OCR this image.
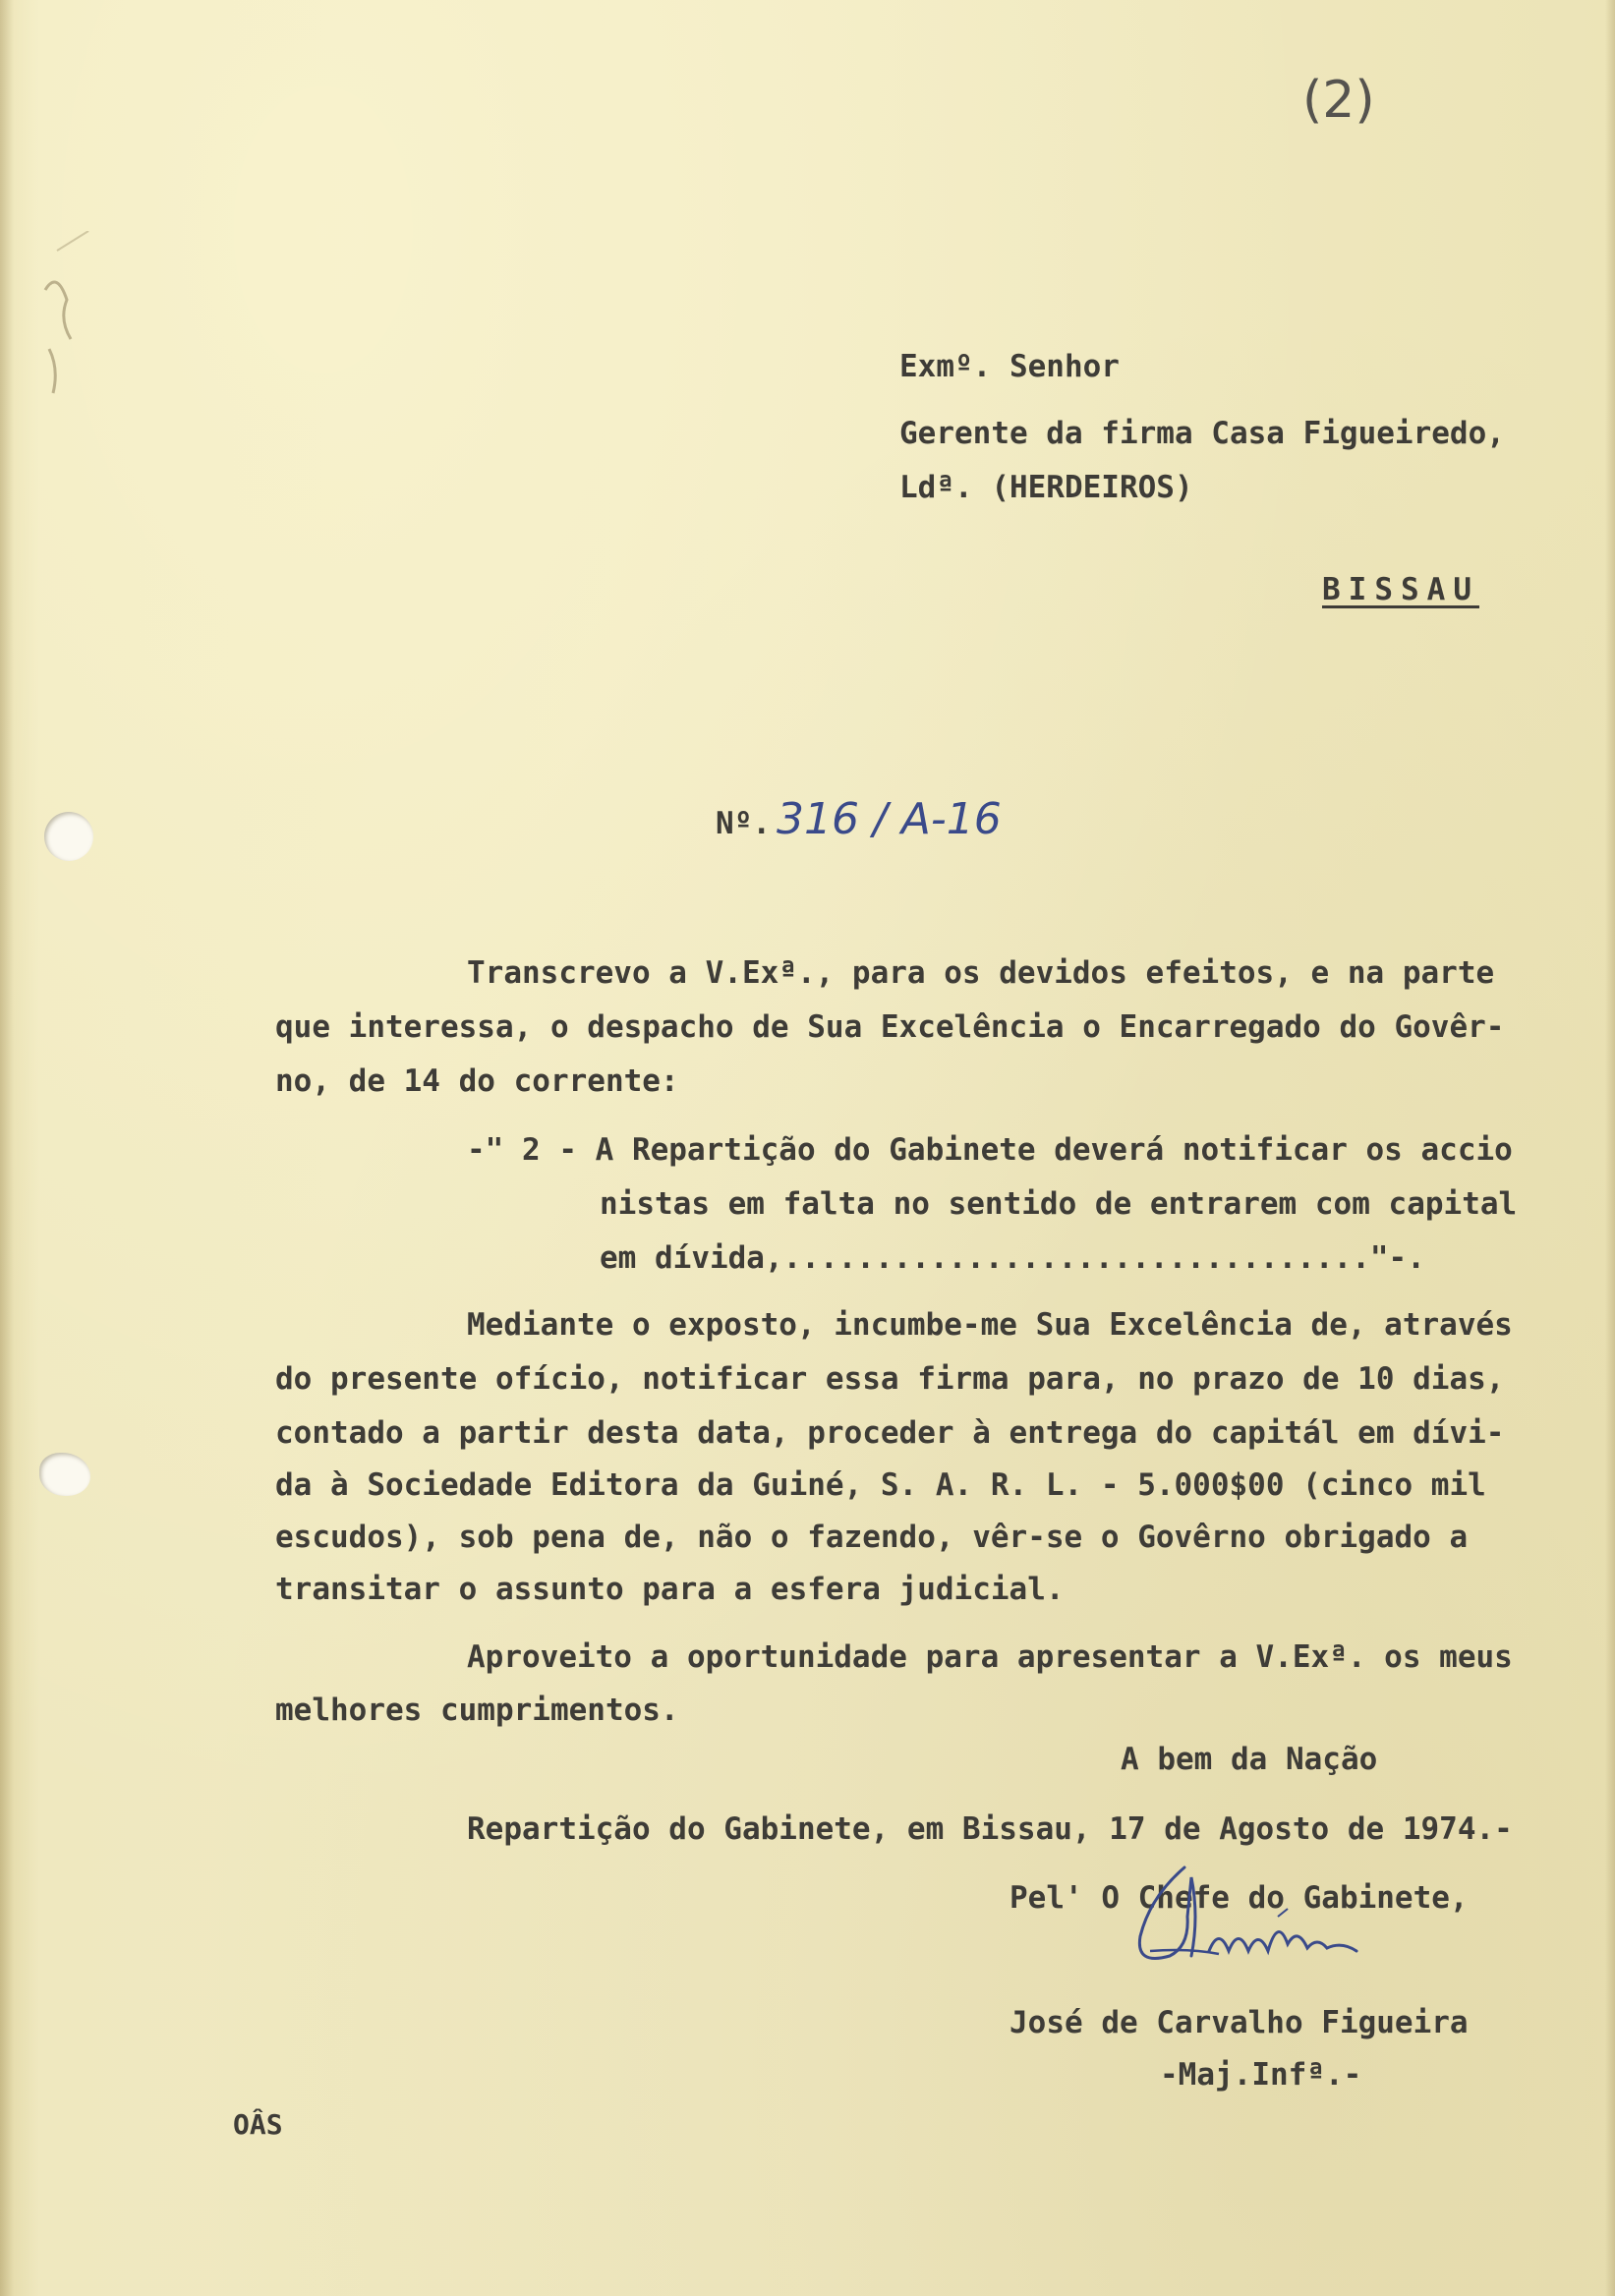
(2)
Exmº. Senhor
Gerente da firma Casa Figueiredo,
Ldª. (HERDEIROS)
BISSAU
Nº. 316 / A-16
Transcrevo a V.Exª., para os devidos efeitos, e na parte
que interessa, o despacho de Sua Excelência o Encarregado do Govêr-
no, de 14 do corrente:
-" 2 - A Repartição do Gabinete deverá notificar os accio
nistas em falta no sentido de entrarem com capital
em dívida,................................"-.
Mediante o exposto, incumbe-me Sua Excelência de, através
do presente ofício, notificar essa firma para, no prazo de 10 dias,
contado a partir desta data, proceder à entrega do capitál em dívi-
da à Sociedade Editora da Guiné, S. A. R. L. - 5.000$00 (cinco mil
escudos), sob pena de, não o fazendo, vêr-se o Govêrno obrigado a
transitar o assunto para a esfera judicial.
Aproveito a oportunidade para apresentar a V.Exª. os meus
melhores cumprimentos.
A bem da Nação
Repartição do Gabinete, em Bissau, 17 de Agosto de 1974.-
Pel' O Chefe do Gabinete,
José de Carvalho Figueira
-Maj.Infª.-
OÂS
